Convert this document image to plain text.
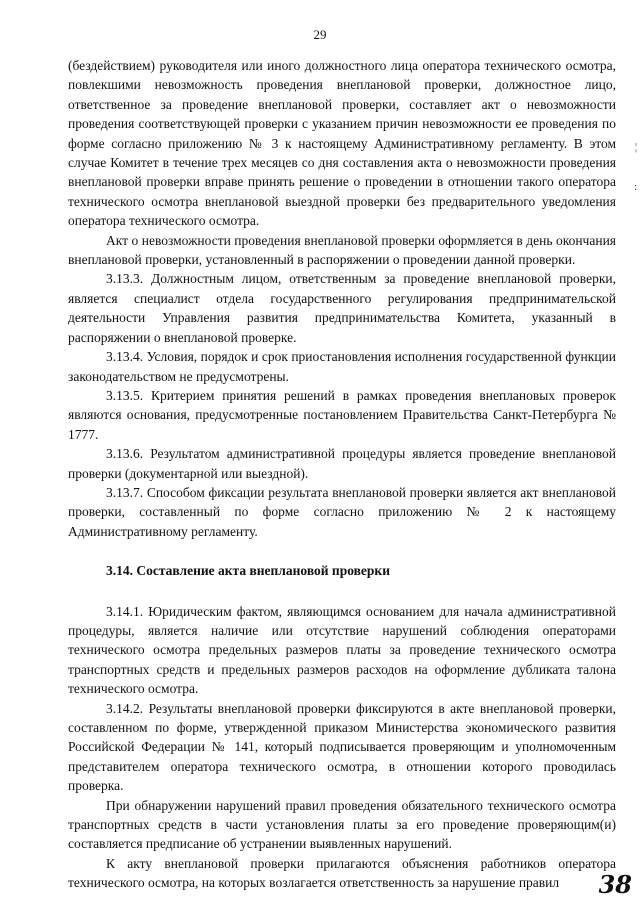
29

(бездействием) руководителя или иного должностного лица оператора технического осмотра, повлекшими невозможность проведения внеплановой проверки, должностное лицо, ответственное за проведение внеплановой проверки, составляет акт о невозможности проведения соответствующей проверки с указанием причин невозможности ее проведения по форме согласно приложению № 3 к настоящему Административному регламенту. В этом случае Комитет в течение трех месяцев со дня составления акта о невозможности проведения внеплановой проверки вправе принять решение о проведении в отношении такого оператора технического осмотра внеплановой выездной проверки без предварительного уведомления оператора технического осмотра.

Акт о невозможности проведения внеплановой проверки оформляется в день окончания внеплановой проверки, установленный в распоряжении о проведении данной проверки.

3.13.3. Должностным лицом, ответственным за проведение внеплановой проверки, является специалист отдела государственного регулирования предпринимательской деятельности Управления развития предпринимательства Комитета, указанный в распоряжении о внеплановой проверке.

3.13.4. Условия, порядок и срок приостановления исполнения государственной функции законодательством не предусмотрены.

3.13.5. Критерием принятия решений в рамках проведения внеплановых проверок являются основания, предусмотренные постановлением Правительства Санкт-Петербурга № 1777.

3.13.6. Результатом административной процедуры является проведение внеплановой проверки (документарной или выездной).

3.13.7. Способом фиксации результата внеплановой проверки является акт внеплановой проверки, составленный по форме согласно приложению № 2 к настоящему Административному регламенту.

3.14. Составление акта внеплановой проверки

3.14.1. Юридическим фактом, являющимся основанием для начала административной процедуры, является наличие или отсутствие нарушений соблюдения операторами технического осмотра предельных размеров платы за проведение технического осмотра транспортных средств и предельных размеров расходов на оформление дубликата талона технического осмотра.

3.14.2. Результаты внеплановой проверки фиксируются в акте внеплановой проверки, составленном по форме, утвержденной приказом Министерства экономического развития Российской Федерации № 141, который подписывается проверяющим и уполномоченным представителем оператора технического осмотра, в отношении которого проводилась проверка.

При обнаружении нарушений правил проведения обязательного технического осмотра транспортных средств в части установления платы за его проведение проверяющим(и) составляется предписание об устранении выявленных нарушений.

К акту внеплановой проверки прилагаются объяснения работников оператора технического осмотра, на которых возлагается ответственность за нарушение правил

¦
:
38
